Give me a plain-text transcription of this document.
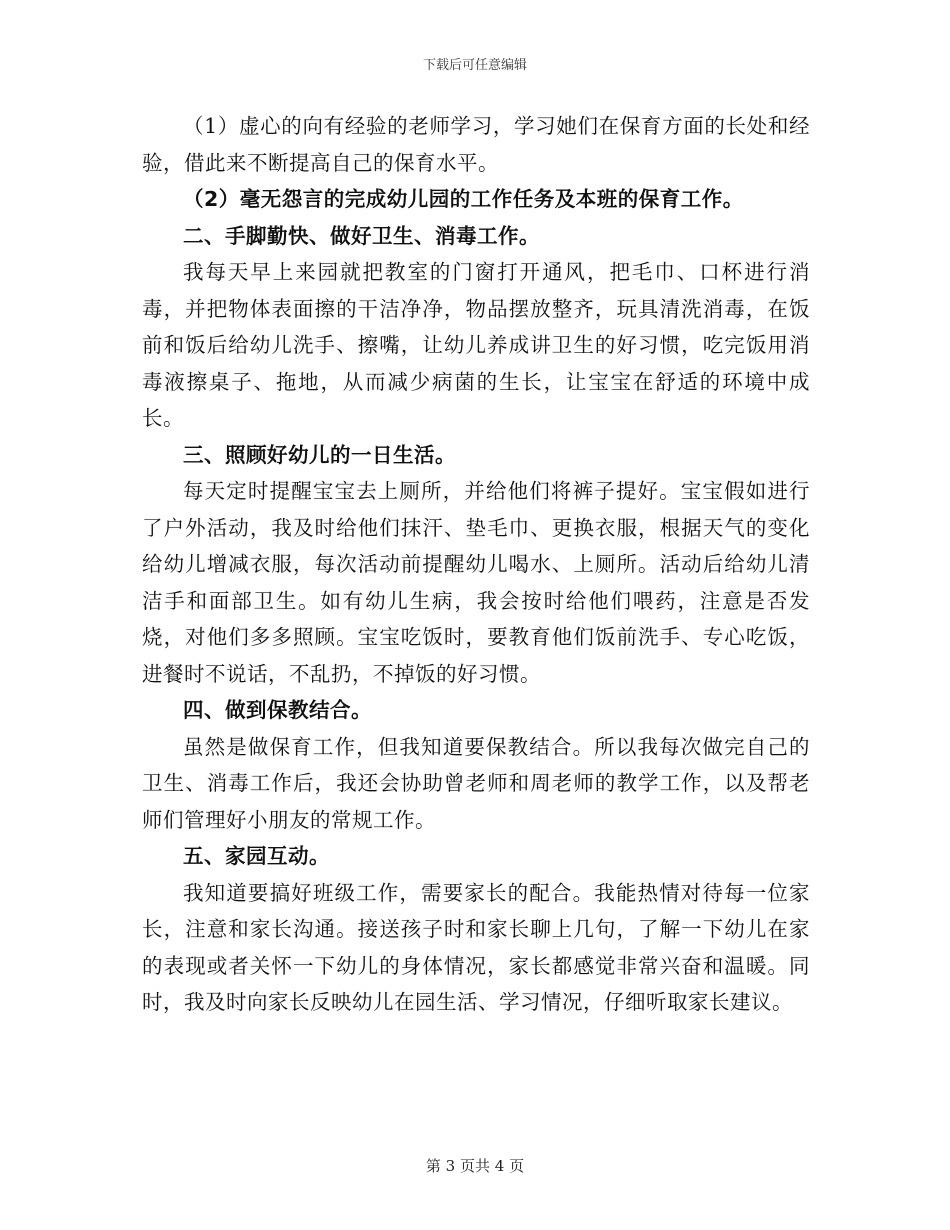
下载后可任意编辑

（1）虚心的向有经验的老师学习，学习她们在保育方面的长处和经验，借此来不断提高自己的保育水平。

（2）毫无怨言的完成幼儿园的工作任务及本班的保育工作。

二、手脚勤快、做好卫生、消毒工作。

我每天早上来园就把教室的门窗打开通风，把毛巾、口杯进行消毒，并把物体表面擦的干洁净净，物品摆放整齐，玩具清洗消毒，在饭前和饭后给幼儿洗手、擦嘴，让幼儿养成讲卫生的好习惯，吃完饭用消毒液擦桌子、拖地，从而减少病菌的生长，让宝宝在舒适的环境中成长。

三、照顾好幼儿的一日生活。

每天定时提醒宝宝去上厕所，并给他们将裤子提好。宝宝假如进行了户外活动，我及时给他们抹汗、垫毛巾、更换衣服，根据天气的变化给幼儿增减衣服，每次活动前提醒幼儿喝水、上厕所。活动后给幼儿清洁手和面部卫生。如有幼儿生病，我会按时给他们喂药，注意是否发烧，对他们多多照顾。宝宝吃饭时，要教育他们饭前洗手、专心吃饭，进餐时不说话，不乱扔，不掉饭的好习惯。

四、做到保教结合。

虽然是做保育工作，但我知道要保教结合。所以我每次做完自己的卫生、消毒工作后，我还会协助曾老师和周老师的教学工作，以及帮老师们管理好小朋友的常规工作。

五、家园互动。

我知道要搞好班级工作，需要家长的配合。我能热情对待每一位家长，注意和家长沟通。接送孩子时和家长聊上几句，了解一下幼儿在家的表现或者关怀一下幼儿的身体情况，家长都感觉非常兴奋和温暖。同时，我及时向家长反映幼儿在园生活、学习情况，仔细听取家长建议。

第 3 页共 4 页
